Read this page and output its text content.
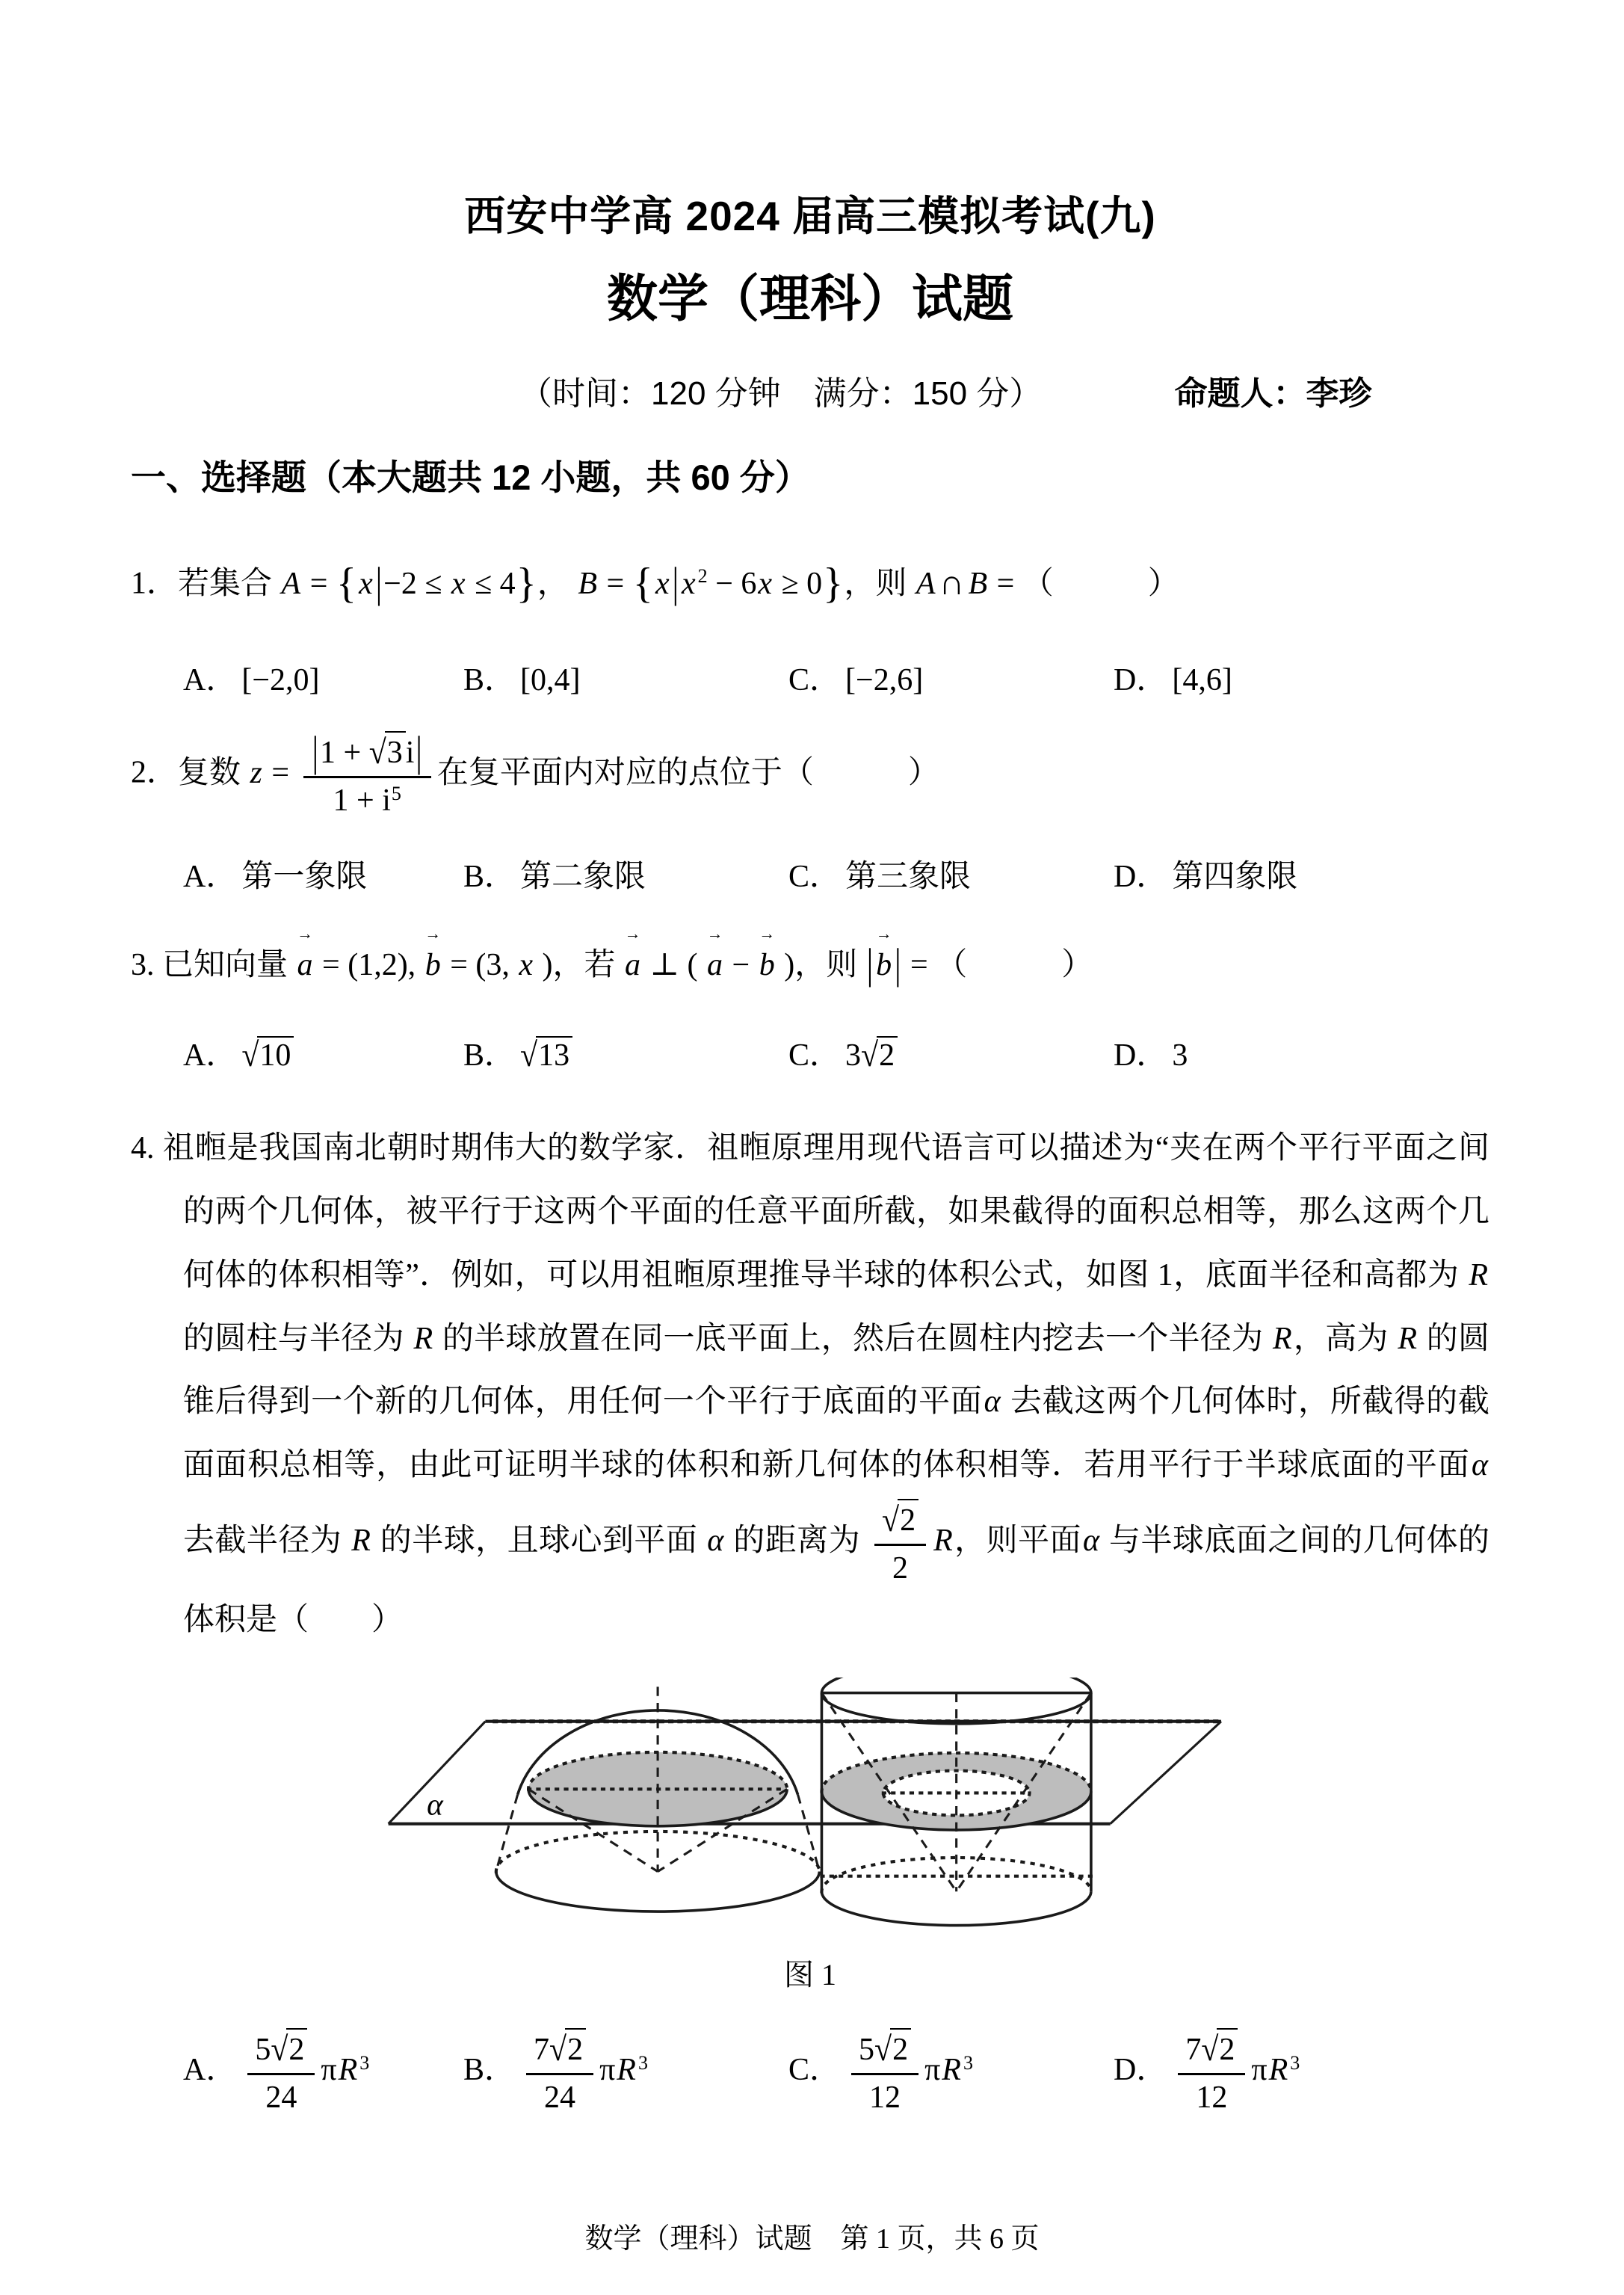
西安中学高 2024 届高三模拟考试(九)
数学（理科）试题
（时间：120 分钟　满分：150 分）	命题人：李珍
一、选择题（本大题共 12 小题，共 60 分）
1．若集合 A = {x|−2 ≤ x ≤ 4}， B = {x|x 2 − 6x ≥ 0}，则 A ∩ B = （　　　）
A． [−2,0]	B． [0,4]	C． [−2,6]	D． [4,6]
2．复数 $z = \frac{|1 + √3i|}{1 + i5}$ 在复平面内对应的点位于（　　　）
A． 第一象限	B． 第二象限	C． 第三象限	D． 第四象限
3. 已知向量
→
a = (1,2),
→
b = (3, x )，若
→
a ⊥ (
→
a −
→
b )，则 |
→
b| = （　　　）
A． √10	B． √13	C． 3√2	D． 3
4. 祖暅是我国南北朝时期伟大的数学家．祖暅原理用现代语言可以描述为“夹在两个平行平面之间的两个几何体，被平行于这两个平面的任意平面所截，如果截得的面积总相等，那么这两个几何体的体积相等”．例如，可以用祖暅原理推导半球的体积公式，如图 1，底面半径和高都为 R 的圆柱与半径为 R 的半球放置在同一底平面上，然后在圆柱内挖去一个半径为 R，高为 R 的圆锥后得到一个新的几何体，用任何一个平行于底面的平面α 去截这两个几何体时，所截得的截面面积总相等，由此可证明半球的体积和新几何体的体积相等．若用平行于半球底面的平面α 去截半径为 R 的半球，且球心到平面 α 的距离为 $\frac{√2}{2}$ R，则平面α 与半球底面之间的几何体的体积是（　　）
α
图 1
A． $\frac{5√2}{24}$ πR 3	B． $\frac{7√2}{24}$ πR 3	C． $\frac{5√2}{12}$ πR 3	D． $\frac{7√2}{12}$ πR 3
数学（理科）试题　第 1 页，共 6 页
